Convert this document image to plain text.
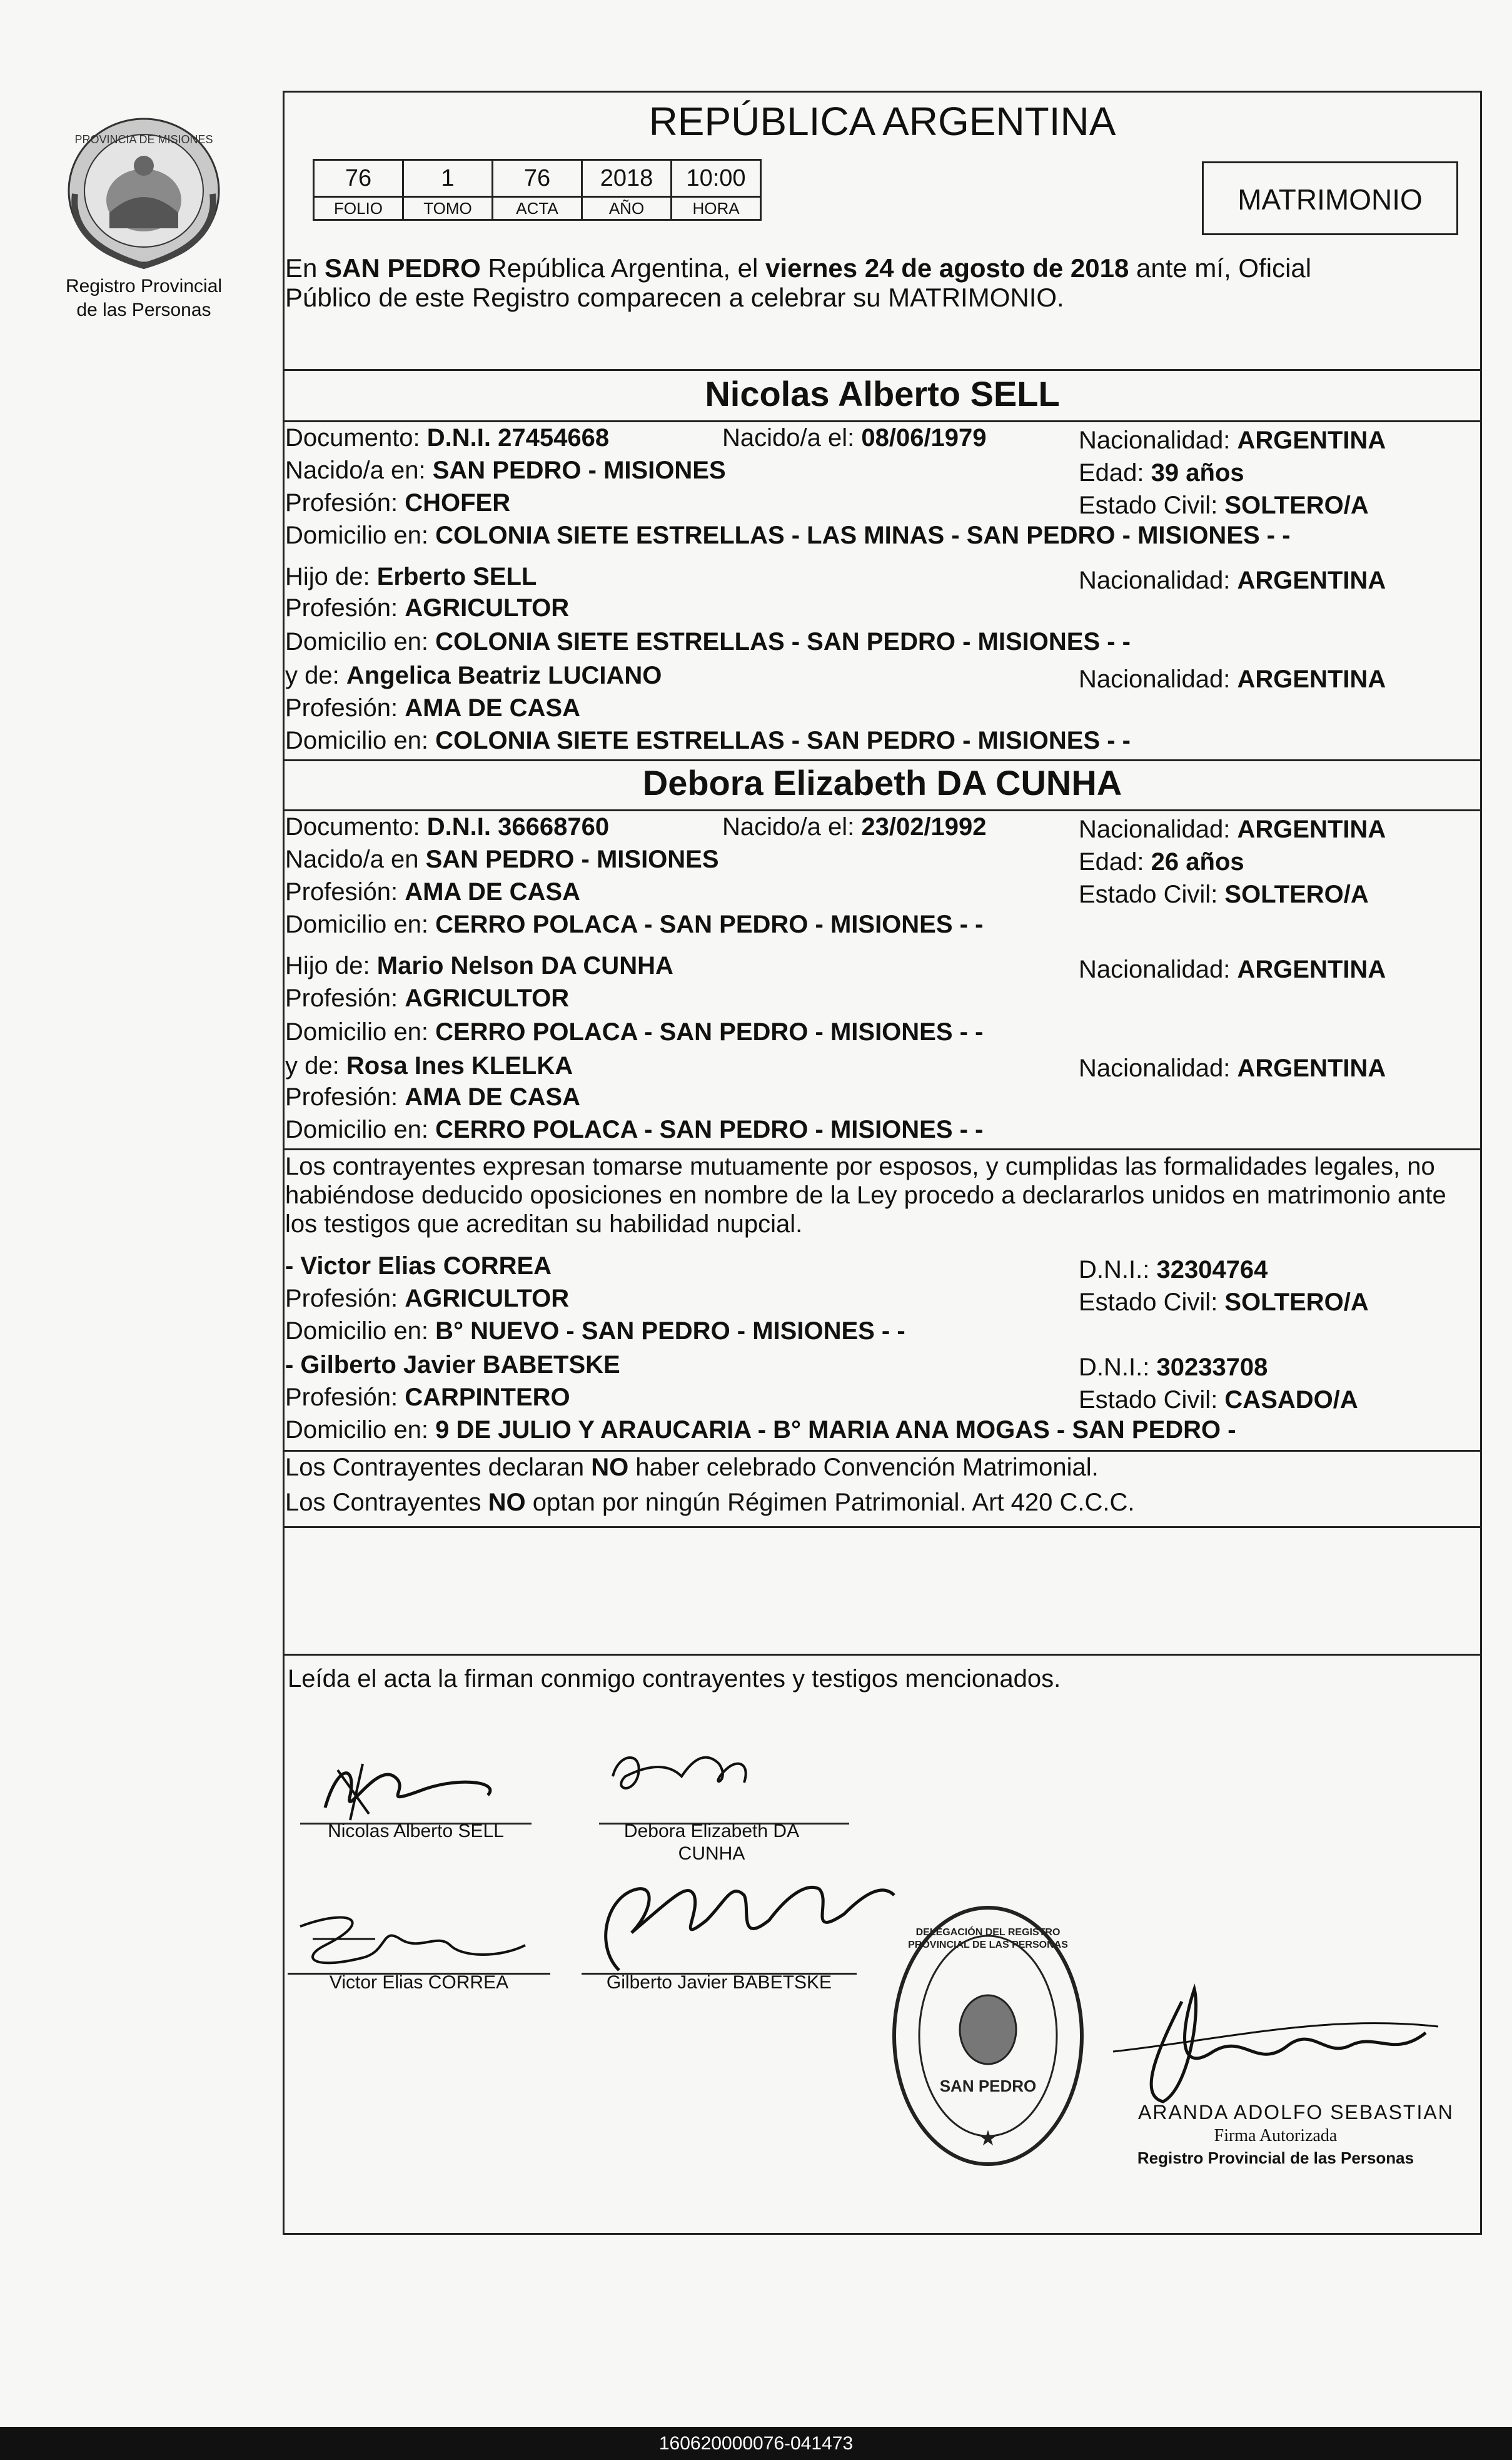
PROVINCIA DE MISIONES
Registro Provincial
de las Personas
REPÚBLICA ARGENTINA
76	1	76	2018	10:00
FOLIO	TOMO	ACTA	AÑO	HORA	MATRIMONIO
En SAN PEDRO República Argentina, el viernes 24 de agosto de 2018 ante mí, Oficial
Público de este Registro comparecen a celebrar su MATRIMONIO.
Nicolas Alberto SELL
Documento: D.N.I. 27454668	Nacido/a el: 08/06/1979	Nacionalidad: ARGENTINA
Nacido/a en: SAN PEDRO - MISIONES	Edad: 39 años
Profesión: CHOFER	Estado Civil: SOLTERO/A
Domicilio en: COLONIA SIETE ESTRELLAS - LAS MINAS - SAN PEDRO - MISIONES - -
Hijo de: Erberto SELL	Nacionalidad: ARGENTINA
Profesión: AGRICULTOR
Domicilio en: COLONIA SIETE ESTRELLAS - SAN PEDRO - MISIONES - -
y de: Angelica Beatriz LUCIANO	Nacionalidad: ARGENTINA
Profesión: AMA DE CASA
Domicilio en: COLONIA SIETE ESTRELLAS - SAN PEDRO - MISIONES - -
Debora Elizabeth DA CUNHA
Documento: D.N.I. 36668760	Nacido/a el: 23/02/1992	Nacionalidad: ARGENTINA
Nacido/a en SAN PEDRO - MISIONES	Edad: 26 años
Profesión: AMA DE CASA	Estado Civil: SOLTERO/A
Domicilio en: CERRO POLACA - SAN PEDRO - MISIONES - -
Hijo de: Mario Nelson DA CUNHA	Nacionalidad: ARGENTINA
Profesión: AGRICULTOR
Domicilio en: CERRO POLACA - SAN PEDRO - MISIONES - -
y de: Rosa Ines KLELKA	Nacionalidad: ARGENTINA
Profesión: AMA DE CASA
Domicilio en: CERRO POLACA - SAN PEDRO - MISIONES - -
Los contrayentes expresan tomarse mutuamente por esposos, y cumplidas las formalidades legales, no
habiéndose deducido oposiciones en nombre de la Ley procedo a declararlos unidos en matrimonio ante
los testigos que acreditan su habilidad nupcial.
- Victor Elias CORREA	D.N.I.: 32304764
Profesión: AGRICULTOR	Estado Civil: SOLTERO/A
Domicilio en: B° NUEVO - SAN PEDRO - MISIONES - -
- Gilberto Javier BABETSKE	D.N.I.: 30233708
Profesión: CARPINTERO	Estado Civil: CASADO/A
Domicilio en: 9 DE JULIO Y ARAUCARIA - B° MARIA ANA MOGAS - SAN PEDRO -
Los Contrayentes declaran NO haber celebrado Convención Matrimonial.
Los Contrayentes NO optan por ningún Régimen Patrimonial. Art 420 C.C.C.
Leída el acta la firman conmigo contrayentes y testigos mencionados.
Nicolas Alberto SELL	Debora Elizabeth DA
CUNHA
Victor Elias CORREA	Gilberto Javier BABETSKE
★
DELEGACIÓN DEL REGISTRO PROVINCIAL DE LAS PERSONAS
SAN PEDRO
ARANDA ADOLFO SEBASTIAN
Firma Autorizada
Registro Provincial de las Personas
160620000076-041473
